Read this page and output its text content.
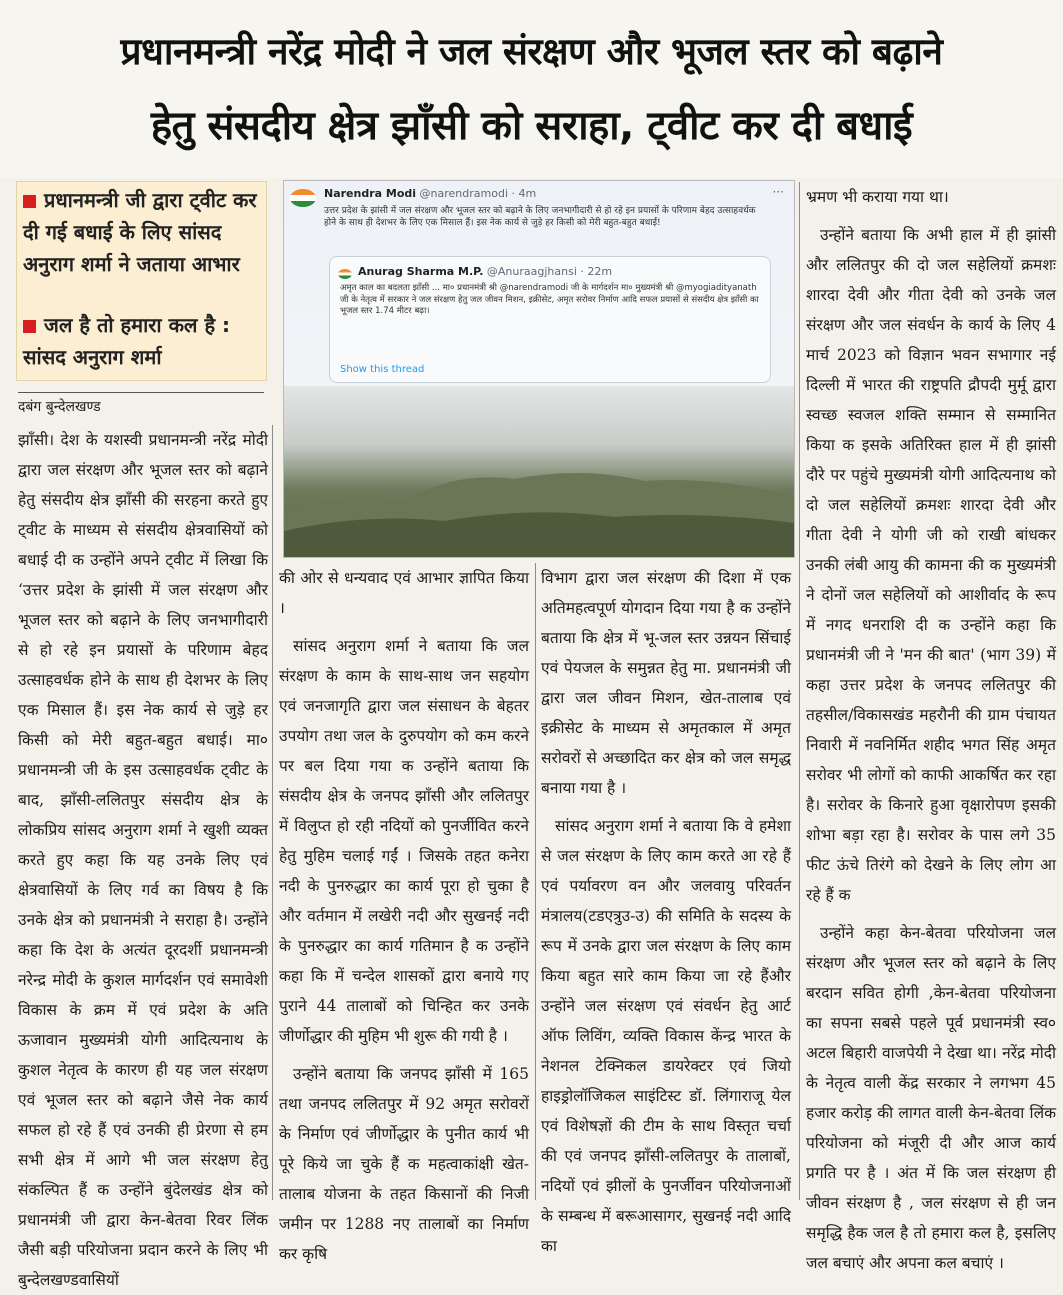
प्रधानमन्त्री नरेंद्र मोदी ने जल संरक्षण और भूजल स्तर को बढ़ाने
हेतु संसदीय क्षेत्र झाँसी को सराहा, ट्वीट कर दी बधाई
प्रधानमन्त्री जी द्वारा ट्वीट कर दी गई बधाई के लिए सांसद अनुराग शर्मा ने जताया आभार
जल है तो हमारा कल है : सांसद अनुराग शर्मा
दबंग बुन्देलखण्ड
Narendra Modi @narendramodi · 4m	···
उत्तर प्रदेश के झांसी में जल संरक्षण और भूजल स्तर को बढ़ाने के लिए जनभागीदारी से हो रहे इन प्रयासों के परिणाम बेहद उत्साहवर्धक होने के साथ ही देशभर के लिए एक मिसाल हैं। इस नेक कार्य से जुड़े हर किसी को मेरी बहुत-बहुत बधाई!
Anurag Sharma M.P. @Anuraagjhansi · 22m
अमृत काल का बदलता झाँसी ... मा० प्रधानमंत्री श्री @narendramodi जी के मार्गदर्शन मा० मुख्यमंत्री श्री @myogiadityanath जी के नेतृत्व में सरकार ने जल संरक्षण हेतु जल जीवन मिशन, इक्रीसेट, अमृत सरोवर निर्माण आदि सफल प्रयासों से संसदीय क्षेत्र झाँसी का भूजल स्तर 1.74 मीटर बढ़ा।
Show this thread

झाँसी। देश के यशस्वी प्रधानमन्त्री नरेंद्र मोदी द्वारा जल संरक्षण और भूजल स्तर को बढ़ाने हेतु संसदीय क्षेत्र झाँसी की सरहना करते हुए ट्वीट के माध्यम से संसदीय क्षेत्रवासियों को बधाई दी क उन्होंने अपने ट्वीट में लिखा कि ‘उत्तर प्रदेश के झांसी में जल संरक्षण और भूजल स्तर को बढ़ाने के लिए जनभागीदारी से हो रहे इन प्रयासों के परिणाम बेहद उत्साहवर्धक होने के साथ ही देशभर के लिए एक मिसाल हैं। इस नेक कार्य से जुड़े हर किसी को मेरी बहुत-बहुत बधाई। मा० प्रधानमन्त्री जी के इस उत्साहवर्धक ट्वीट के बाद, झाँसी-ललितपुर संसदीय क्षेत्र के लोकप्रिय सांसद अनुराग शर्मा ने खुशी व्यक्त करते हुए कहा कि यह उनके लिए एवं क्षेत्रवासियों के लिए गर्व का विषय है कि उनके क्षेत्र को प्रधानमंत्री ने सराहा है। उन्होंने कहा कि देश के अत्यंत दूरदर्शी प्रधानमन्त्री नरेन्द्र मोदी के कुशल मार्गदर्शन एवं समावेशी विकास के क्रम में एवं प्रदेश के अति ऊजावान मुख्यमंत्री योगी आदित्यनाथ के कुशल नेतृत्व के कारण ही यह जल संरक्षण एवं भूजल स्तर को बढ़ाने जैसे नेक कार्य सफल हो रहे हैं एवं उनकी ही प्रेरणा से हम सभी क्षेत्र में आगे भी जल संरक्षण हेतु संकल्पित हैं क उन्होंने बुंदेलखंड क्षेत्र को प्रधानमंत्री जी द्वारा केन-बेतवा रिवर लिंक जैसी बड़ी परियोजना प्रदान करने के लिए भी बुन्देलखण्डवासियों

की ओर से धन्यवाद एवं आभार ज्ञापित किया ।

सांसद अनुराग शर्मा ने बताया कि जल संरक्षण के काम के साथ-साथ जन सहयोग एवं जनजागृति द्वारा जल संसाधन के बेहतर उपयोग तथा जल के दुरुपयोग को कम करने पर बल दिया गया क उन्होंने बताया कि संसदीय क्षेत्र के जनपद झाँसी और ललितपुर में विलुप्त हो रही नदियों को पुनर्जीवित करने हेतु मुहिम चलाई गईं । जिसके तहत कनेरा नदी के पुनरुद्धार का कार्य पूरा हो चुका है और वर्तमान में लखेरी नदी और सुखनई नदी के पुनरुद्धार का कार्य गतिमान है क उन्होंने कहा कि में चन्देल शासकों द्वारा बनाये गए पुराने 44 तालाबों को चिन्हित कर उनके जीर्णोद्धार की मुहिम भी शुरू की गयी है ।

उन्होंने बताया कि जनपद झाँसी में 165 तथा जनपद ललितपुर में 92 अमृत सरोवरों के निर्माण एवं जीर्णोद्धार के पुनीत कार्य भी पूरे किये जा चुके हैं क महत्वाकांक्षी खेत-तालाब योजना के तहत किसानों की निजी जमीन पर 1288 नए तालाबों का निर्माण कर कृषि

विभाग द्वारा जल संरक्षण की दिशा में एक अतिमहत्वपूर्ण योगदान दिया गया है क उन्होंने बताया कि क्षेत्र में भू-जल स्तर उन्नयन सिंचाई एवं पेयजल के समुन्नत हेतु मा. प्रधानमंत्री जी द्वारा जल जीवन मिशन, खेत-तालाब एवं इक्रीसेट के माध्यम से अमृतकाल में अमृत सरोवरों से अच्छादित कर क्षेत्र को जल समृद्ध बनाया गया है ।

सांसद अनुराग शर्मा ने बताया कि वे हमेशा से जल संरक्षण के लिए काम करते आ रहे हैं एवं पर्यावरण वन और जलवायु परिवर्तन मंत्रालय(टडएत्रुउ-उ) की समिति के सदस्य के रूप में उनके द्वारा जल संरक्षण के लिए काम किया बहुत सारे काम किया जा रहे हैंऔर उन्होंने जल संरक्षण एवं संवर्धन हेतु आर्ट ऑफ लिविंग, व्यक्ति विकास केंन्द्र भारत के नेशनल टेक्निकल डायरेक्टर एवं जियो हाइड्रोलॉजिकल साइंटिस्ट डॉ. लिंगाराजू येल एवं विशेषज्ञों की टीम के साथ विस्तृत चर्चा की एवं जनपद झाँसी-ललितपुर के तालाबों, नदियों एवं झीलों के पुनर्जीवन परियोजनाओं के सम्बन्ध में बरूआसागर, सुखनई नदी आदि का

भ्रमण भी कराया गया था।

उन्होंने बताया कि अभी हाल में ही झांसी और ललितपुर की दो जल सहेलियों क्रमशः शारदा देवी और गीता देवी को उनके जल संरक्षण और जल संवर्धन के कार्य के लिए 4 मार्च 2023 को विज्ञान भवन सभागार नई दिल्ली में भारत की राष्ट्रपति द्रौपदी मुर्मू द्वारा स्वच्छ स्वजल शक्ति सम्मान से सम्मानित किया क इसके अतिरिक्त हाल में ही झांसी दौरे पर पहुंचे मुख्यमंत्री योगी आदित्यनाथ को दो जल सहेलियों क्रमशः शारदा देवी और गीता देवी ने योगी जी को राखी बांधकर उनकी लंबी आयु की कामना की क मुख्यमंत्री ने दोनों जल सहेलियों को आशीर्वाद के रूप में नगद धनराशि दी क उन्होंने कहा कि प्रधानमंत्री जी ने 'मन की बात' (भाग 39) में कहा उत्तर प्रदेश के जनपद ललितपुर की तहसील/विकासखंड महरौनी की ग्राम पंचायत निवारी में नवनिर्मित शहीद भगत सिंह अमृत सरोवर भी लोगों को काफी आकर्षित कर रहा है। सरोवर के किनारे हुआ वृक्षारोपण इसकी शोभा बड़ा रहा है। सरोवर के पास लगे 35 फीट ऊंचे तिरंगे को देखने के लिए लोग आ रहे हैं क

उन्होंने कहा केन-बेतवा परियोजना जल संरक्षण और भूजल स्तर को बढ़ाने के लिए बरदान सवित होगी ,केन-बेतवा परियोजना का सपना सबसे पहले पूर्व प्रधानमंत्री स्व० अटल बिहारी वाजपेयी ने देखा था। नरेंद्र मोदी के नेतृत्व वाली केंद्र सरकार ने लगभग 45 हजार करोड़ की लागत वाली केन-बेतवा लिंक परियोजना को मंजूरी दी और आज कार्य प्रगति पर है । अंत में कि जल संरक्षण ही जीवन संरक्षण है , जल संरक्षण से ही जन समृद्धि हैक जल है तो हमारा कल है, इसलिए जल बचाएं और अपना कल बचाएं ।
